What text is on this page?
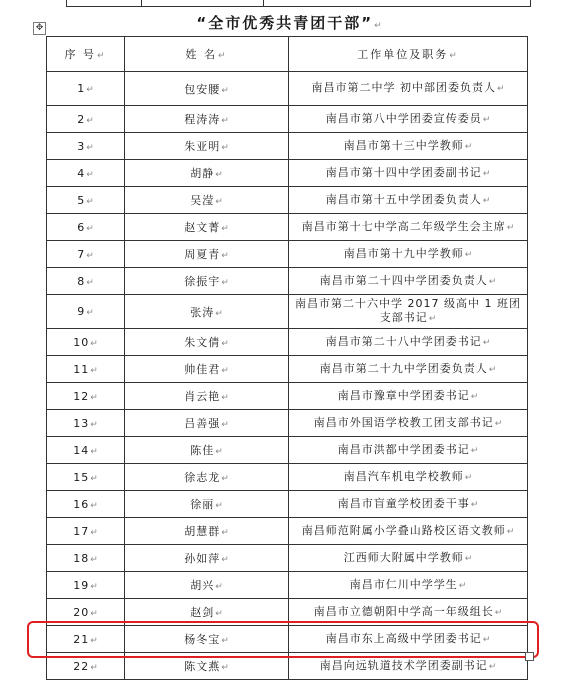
✥	“全市优秀共青团干部”↵
序 号↵	姓 名↵	工作单位及职务↵
1↵	包安腰↵	南昌市第二中学 初中部团委负责人↵
2↵	程涛涛↵	南昌市第八中学团委宣传委员↵
3↵	朱亚明↵	南昌市第十三中学教师↵
4↵	胡静↵	南昌市第十四中学团委副书记↵
5↵	吴滢↵	南昌市第十五中学团委负责人↵
6↵	赵文菁↵	南昌市第十七中学高二年级学生会主席↵
7↵	周夏青↵	南昌市第十九中学教师↵
8↵	徐振宇↵	南昌市第二十四中学团委负责人↵
9↵	张涛↵	南昌市第二十六中学 2017 级高中 1 班团支部书记↵
10↵	朱文倩↵	南昌市第二十八中学团委书记↵
11↵	帅佳君↵	南昌市第二十九中学团委负责人↵
12↵	肖云艳↵	南昌市豫章中学团委书记↵
13↵	吕善强↵	南昌市外国语学校教工团支部书记↵
14↵	陈佳↵	南昌市洪都中学团委书记↵
15↵	徐志龙↵	南昌汽车机电学校教师↵
16↵	徐丽↵	南昌市盲童学校团委干事↵
17↵	胡慧群↵	南昌师范附属小学叠山路校区语文教师↵
18↵	孙如萍↵	江西师大附属中学教师↵
19↵	胡兴↵	南昌市仁川中学学生↵
20↵	赵剑↵	南昌市立德朝阳中学高一年级组长↵
21↵	杨冬宝↵	南昌市东上高级中学团委书记↵
22↵	陈文燕↵	南昌向远轨道技术学团委副书记↵
